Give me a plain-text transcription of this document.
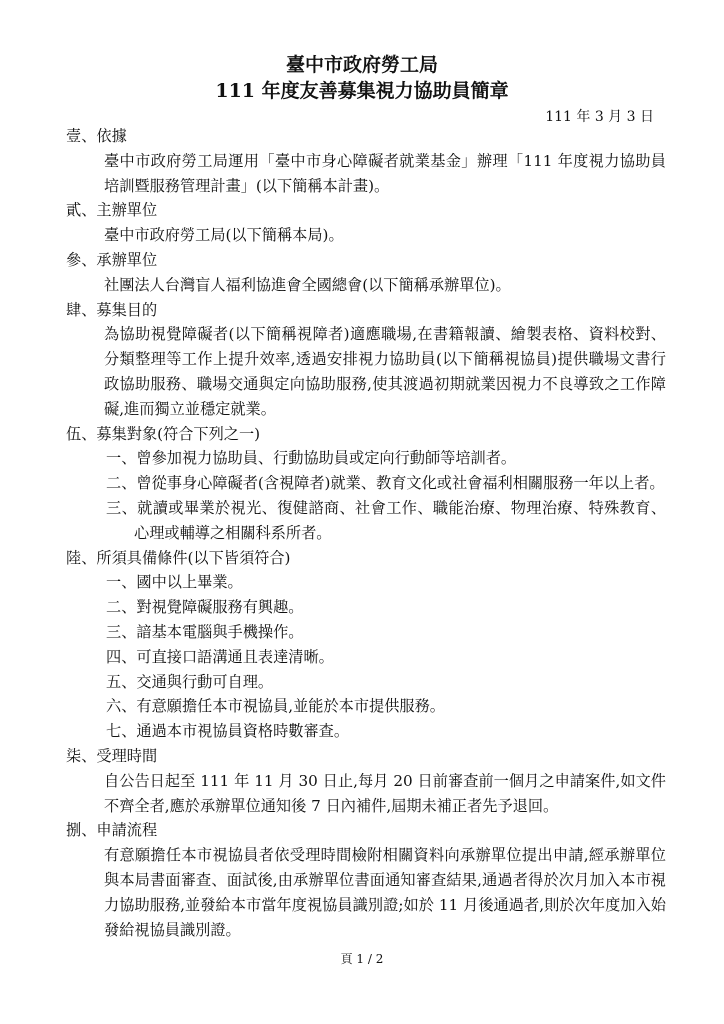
臺中市政府勞工局
111 年度友善募集視力協助員簡章
111 年 3 月 3 日
壹、依據
臺中市政府勞工局運用「臺中市身心障礙者就業基金」辦理「111 年度視力協助員培訓暨服務管理計畫」(以下簡稱本計畫)。
貳、主辦單位
臺中市政府勞工局(以下簡稱本局)。
參、承辦單位
社團法人台灣盲人福利協進會全國總會(以下簡稱承辦單位)。
肆、募集目的
為協助視覺障礙者(以下簡稱視障者)適應職場,在書籍報讀、繪製表格、資料校對、分類整理等工作上提升效率,透過安排視力協助員(以下簡稱視協員)提供職場文書行政協助服務、職場交通與定向協助服務,使其渡過初期就業因視力不良導致之工作障礙,進而獨立並穩定就業。
伍、募集對象(符合下列之一)
一、曾參加視力協助員、行動協助員或定向行動師等培訓者。
二、曾從事身心障礙者(含視障者)就業、教育文化或社會福利相關服務一年以上者。
三、就讀或畢業於視光、復健諮商、社會工作、職能治療、物理治療、特殊教育、心理或輔導之相關科系所者。
陸、所須具備條件(以下皆須符合)
一、國中以上畢業。
二、對視覺障礙服務有興趣。
三、諳基本電腦與手機操作。
四、可直接口語溝通且表達清晰。
五、交通與行動可自理。
六、有意願擔任本市視協員,並能於本市提供服務。
七、通過本市視協員資格時數審查。
柒、受理時間
自公告日起至 111 年 11 月 30 日止,每月 20 日前審查前一個月之申請案件,如文件不齊全者,應於承辦單位通知後 7 日內補件,屆期未補正者先予退回。
捌、申請流程
有意願擔任本市視協員者依受理時間檢附相關資料向承辦單位提出申請,經承辦單位與本局書面審查、面試後,由承辦單位書面通知審查結果,通過者得於次月加入本市視力協助服務,並發給本市當年度視協員識別證;如於 11 月後通過者,則於次年度加入始發給視協員識別證。
頁 1 / 2
